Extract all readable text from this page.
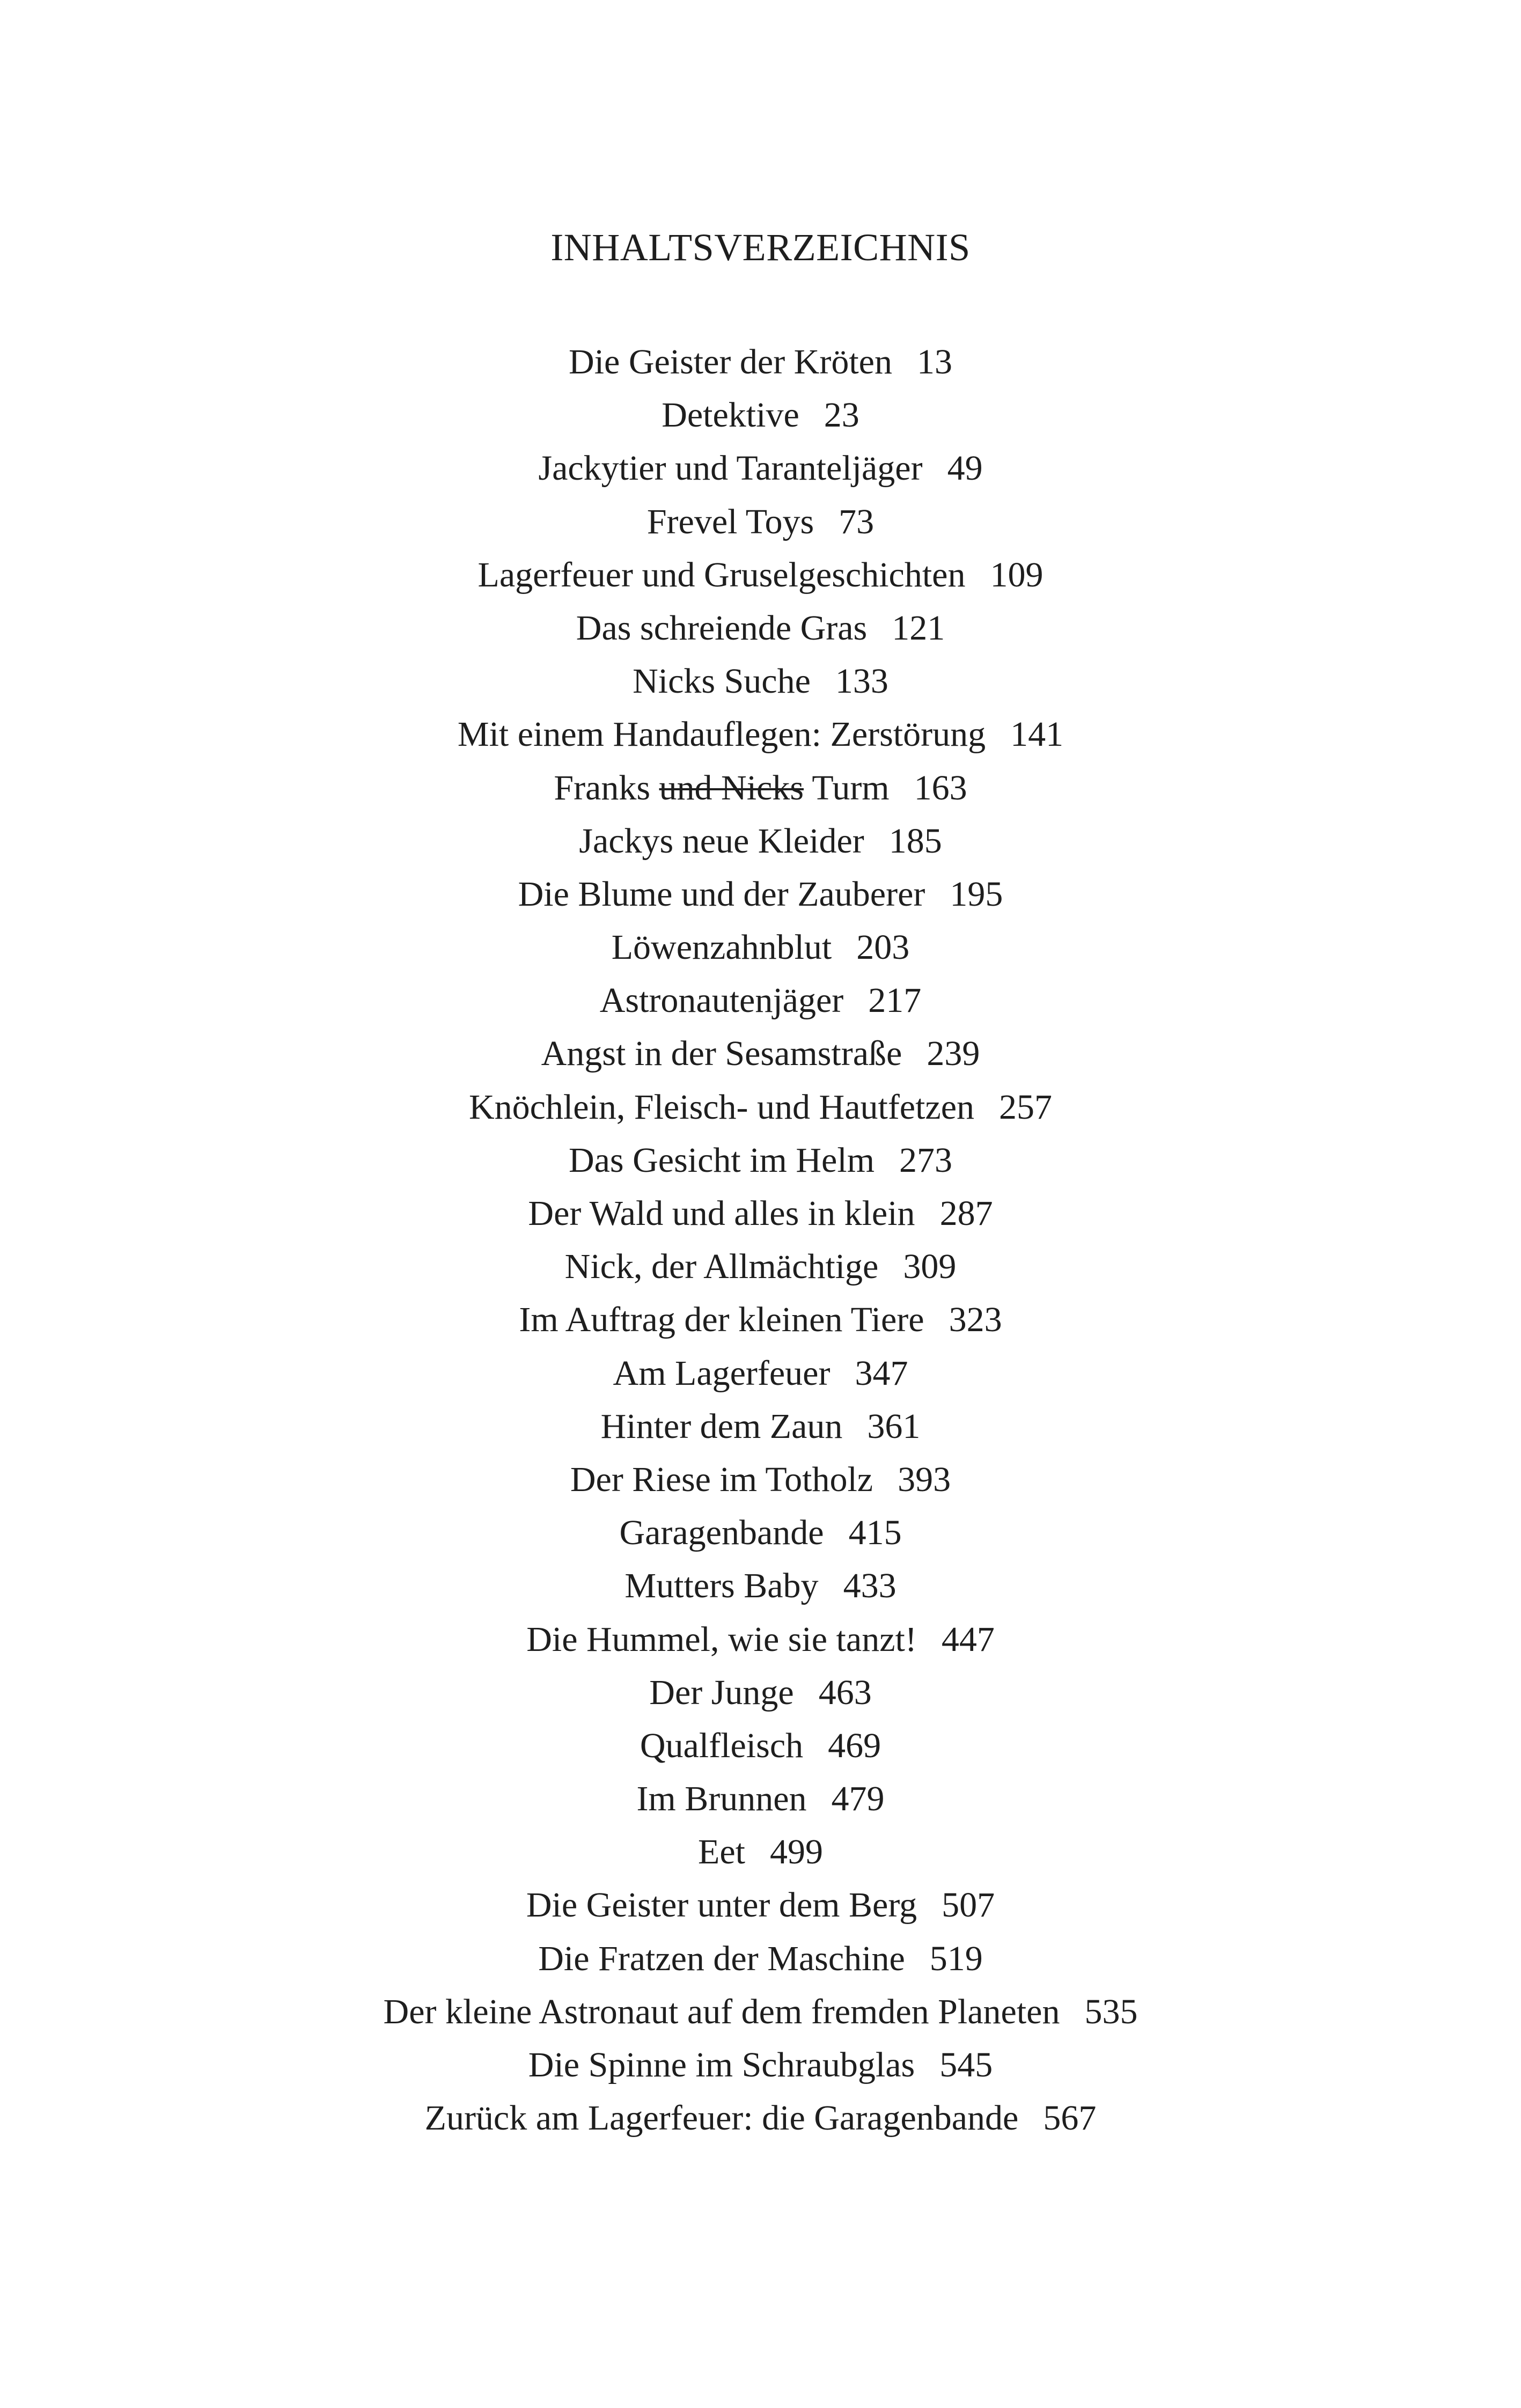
INHALTSVERZEICHNIS
Die Geister der Kröten 13
Detektive 23
Jackytier und Taranteljäger 49
Frevel Toys 73
Lagerfeuer und Gruselgeschichten 109
Das schreiende Gras 121
Nicks Suche 133
Mit einem Handauflegen: Zerstörung 141
Franks und Nicks Turm 163
Jackys neue Kleider 185
Die Blume und der Zauberer 195
Löwenzahnblut 203
Astronautenjäger 217
Angst in der Sesamstraße 239
Knöchlein, Fleisch- und Hautfetzen 257
Das Gesicht im Helm 273
Der Wald und alles in klein 287
Nick, der Allmächtige 309
Im Auftrag der kleinen Tiere 323
Am Lagerfeuer 347
Hinter dem Zaun 361
Der Riese im Totholz 393
Garagenbande 415
Mutters Baby 433
Die Hummel, wie sie tanzt! 447
Der Junge 463
Qualfleisch 469
Im Brunnen 479
Eet 499
Die Geister unter dem Berg 507
Die Fratzen der Maschine 519
Der kleine Astronaut auf dem fremden Planeten 535
Die Spinne im Schraubglas 545
Zurück am Lagerfeuer: die Garagenbande 567
